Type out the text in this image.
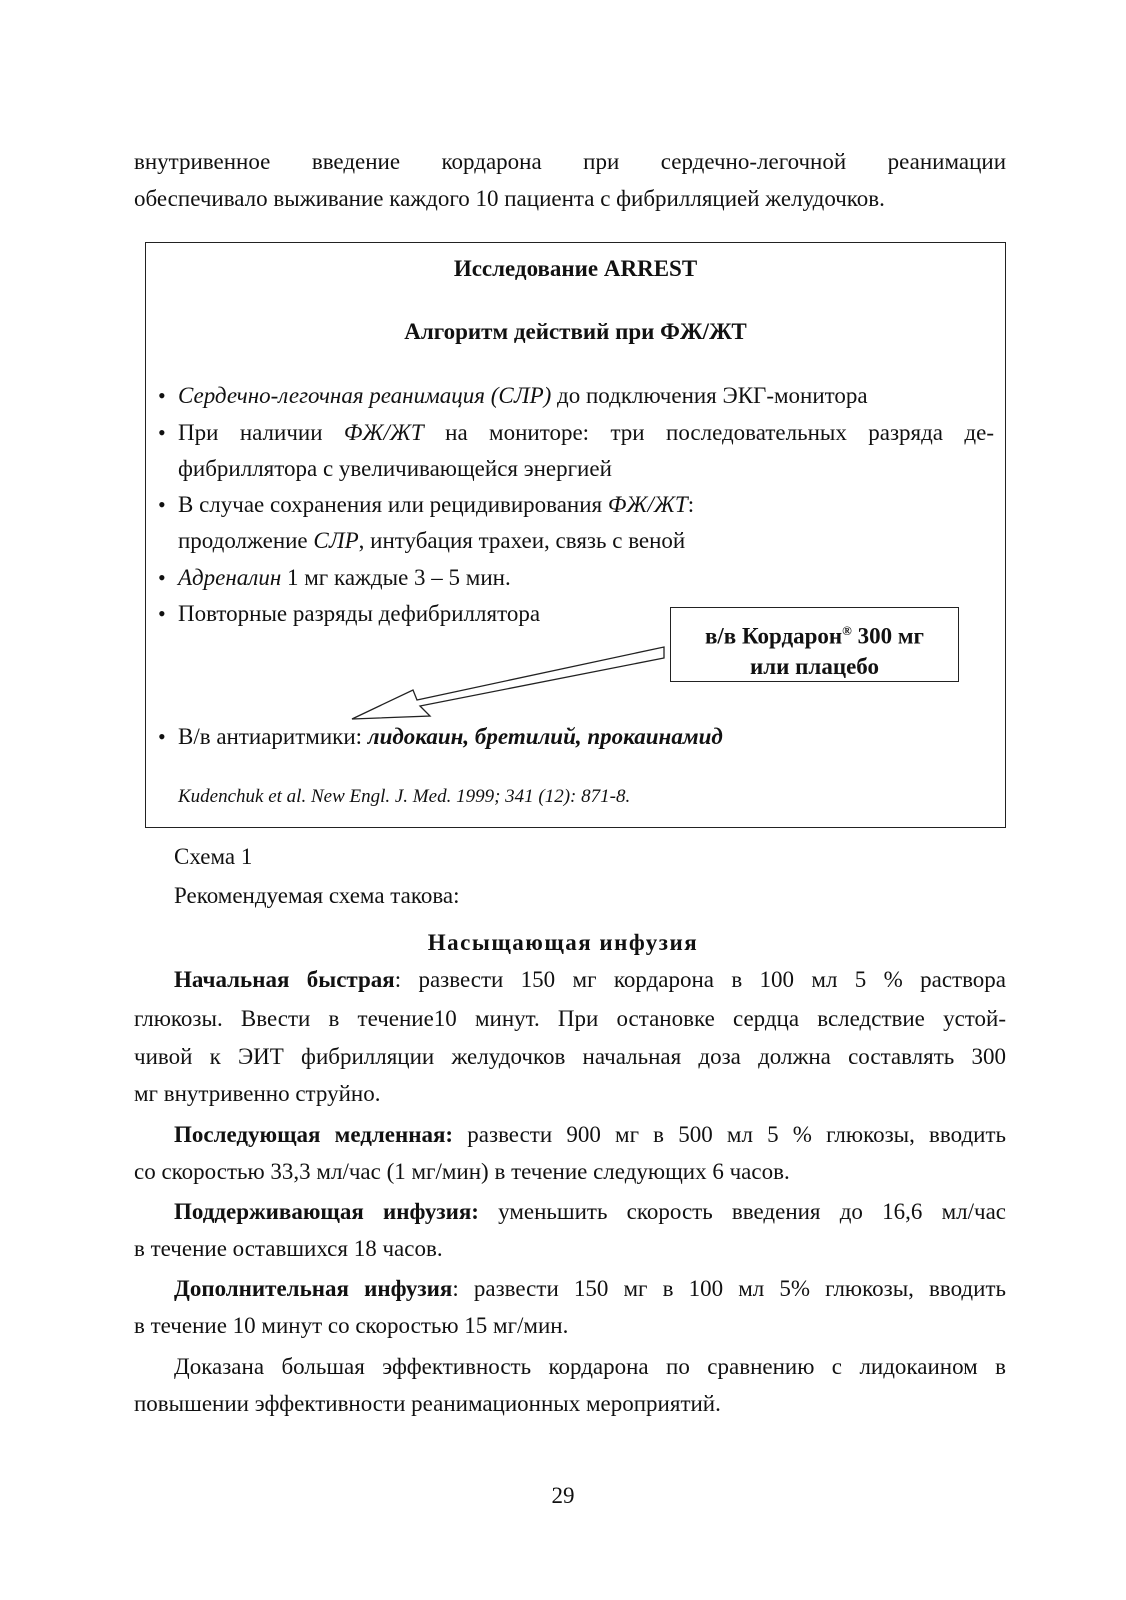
внутривенное введение кордарона при сердечно-легочной реанимации
обеспечивало выживание каждого 10 пациента с фибрилляцией желудочков.
Исследование ARREST
Алгоритм действий при ФЖ/ЖТ
• Сердечно-легочная реанимация (СЛР) до подключения ЭКГ-монитора
• При наличии ФЖ/ЖТ на мониторе: три последовательных разряда де-
фибриллятора с увеличивающейся энергией
• В случае сохранения или рецидивирования ФЖ/ЖТ:
продолжение СЛР, интубация трахеи, связь с веной
• Адреналин 1 мг каждые 3 – 5 мин.
• Повторные разряды дефибриллятора
в/в Кордарон® 300 мг
или плацебо
• В/в антиаритмики: лидокаин, бретилий, прокаинамид
Kudenchuk et al. New Engl. J. Med. 1999; 341 (12): 871-8.
Схема 1
Рекомендуемая схема такова:
Насыщающая инфузия
Начальная быстрая: развести 150 мг кордарона в 100 мл 5 % раствора
глюкозы. Ввести в течение10 минут. При остановке сердца вследствие устой-
чивой к ЭИТ фибрилляции желудочков начальная доза должна составлять 300
мг внутривенно струйно.
Последующая медленная: развести 900 мг в 500 мл 5 % глюкозы, вводить
со скоростью 33,3 мл/час (1 мг/мин) в течение следующих 6 часов.
Поддерживающая инфузия: уменьшить скорость введения до 16,6 мл/час
в течение оставшихся 18 часов.
Дополнительная инфузия: развести 150 мг в 100 мл 5% глюкозы, вводить
в течение 10 минут со скоростью 15 мг/мин.
Доказана большая эффективность кордарона по сравнению с лидокаином в
повышении эффективности реанимационных мероприятий.
29
